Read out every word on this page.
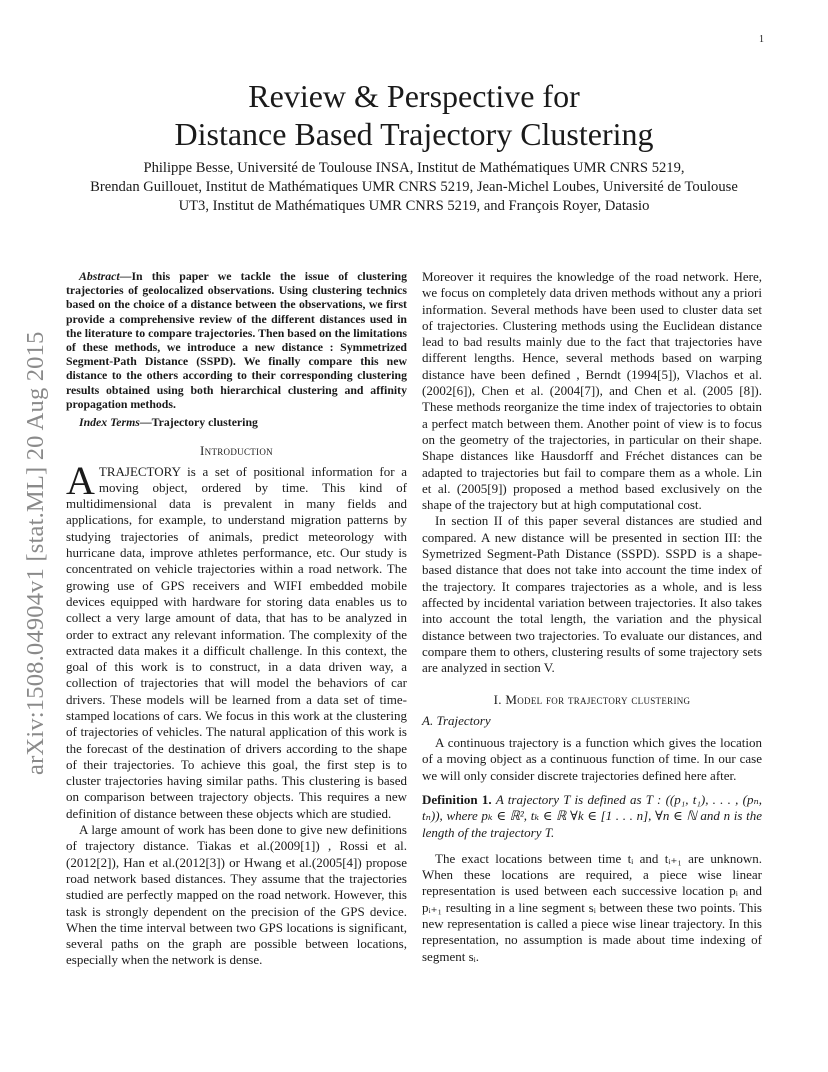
1
arXiv:1508.04904v1 [stat.ML] 20 Aug 2015
Review & Perspective for
Distance Based Trajectory Clustering
Philippe Besse, Université de Toulouse INSA, Institut de Mathématiques UMR CNRS 5219,
Brendan Guillouet, Institut de Mathématiques UMR CNRS 5219, Jean-Michel Loubes, Université de Toulouse
UT3, Institut de Mathématiques UMR CNRS 5219, and François Royer, Datasio

Abstract—In this paper we tackle the issue of clustering trajectories of geolocalized observations. Using clustering technics based on the choice of a distance between the observations, we first provide a comprehensive review of the different distances used in the literature to compare trajectories. Then based on the limitations of these methods, we introduce a new distance : Symmetrized Segment-Path Distance (SSPD). We finally compare this new distance to the others according to their corresponding clustering results obtained using both hierarchical clustering and affinity propagation methods.

Index Terms—Trajectory clustering

Introduction

ATRAJECTORY is a set of positional information for a moving object, ordered by time. This kind of multidimensional data is prevalent in many fields and applications, for example, to understand migration patterns by studying trajectories of animals, predict meteorology with hurricane data, improve athletes performance, etc. Our study is concentrated on vehicle trajectories within a road network. The growing use of GPS receivers and WIFI embedded mobile devices equipped with hardware for storing data enables us to collect a very large amount of data, that has to be analyzed in order to extract any relevant information. The complexity of the extracted data makes it a difficult challenge. In this context, the goal of this work is to construct, in a data driven way, a collection of trajectories that will model the behaviors of car drivers. These models will be learned from a data set of time-stamped locations of cars. We focus in this work at the clustering of trajectories of vehicles. The natural application of this work is the forecast of the destination of drivers according to the shape of their trajectories. To achieve this goal, the first step is to cluster trajectories having similar paths. This clustering is based on comparison between trajectory objects. This requires a new definition of distance between these objects which are studied.

A large amount of work has been done to give new definitions of trajectory distance. Tiakas et al.(2009[1]) , Rossi et al. (2012[2]), Han et al.(2012[3]) or Hwang et al.(2005[4]) propose road network based distances. They assume that the trajectories studied are perfectly mapped on the road network. However, this task is strongly dependent on the precision of the GPS device. When the time interval between two GPS locations is significant, several paths on the graph are possible between locations, especially when the network is dense.

Moreover it requires the knowledge of the road network. Here, we focus on completely data driven methods without any a priori information. Several methods have been used to cluster data set of trajectories. Clustering methods using the Euclidean distance lead to bad results mainly due to the fact that trajectories have different lengths. Hence, several methods based on warping distance have been defined , Berndt (1994[5]), Vlachos et al. (2002[6]), Chen et al. (2004[7]), and Chen et al. (2005 [8]). These methods reorganize the time index of trajectories to obtain a perfect match between them. Another point of view is to focus on the geometry of the trajectories, in particular on their shape. Shape distances like Hausdorff and Fréchet distances can be adapted to trajectories but fail to compare them as a whole. Lin et al. (2005[9]) proposed a method based exclusively on the shape of the trajectory but at high computational cost.

In section II of this paper several distances are studied and compared. A new distance will be presented in section III: the Symetrized Segment-Path Distance (SSPD). SSPD is a shape-based distance that does not take into account the time index of the trajectory. It compares trajectories as a whole, and is less affected by incidental variation between trajectories. It also takes into account the total length, the variation and the physical distance between two trajectories. To evaluate our distances, and compare them to others, clustering results of some trajectory sets are analyzed in section V.

I. Model for trajectory clustering
A. Trajectory

A continuous trajectory is a function which gives the location of a moving object as a continuous function of time. In our case we will only consider discrete trajectories defined here after.

Definition 1. A trajectory T is defined as T : ((p₁, t₁), . . . , (pₙ, tₙ)), where pₖ ∈ ℝ², tₖ ∈ ℝ ∀k ∈ [1 . . . n], ∀n ∈ ℕ and n is the length of the trajectory T.

The exact locations between time tᵢ and tᵢ₊₁ are unknown. When these locations are required, a piece wise linear representation is used between each successive location pᵢ and pᵢ₊₁ resulting in a line segment sᵢ between these two points. This new representation is called a piece wise linear trajectory. In this representation, no assumption is made about time indexing of segment sᵢ.
